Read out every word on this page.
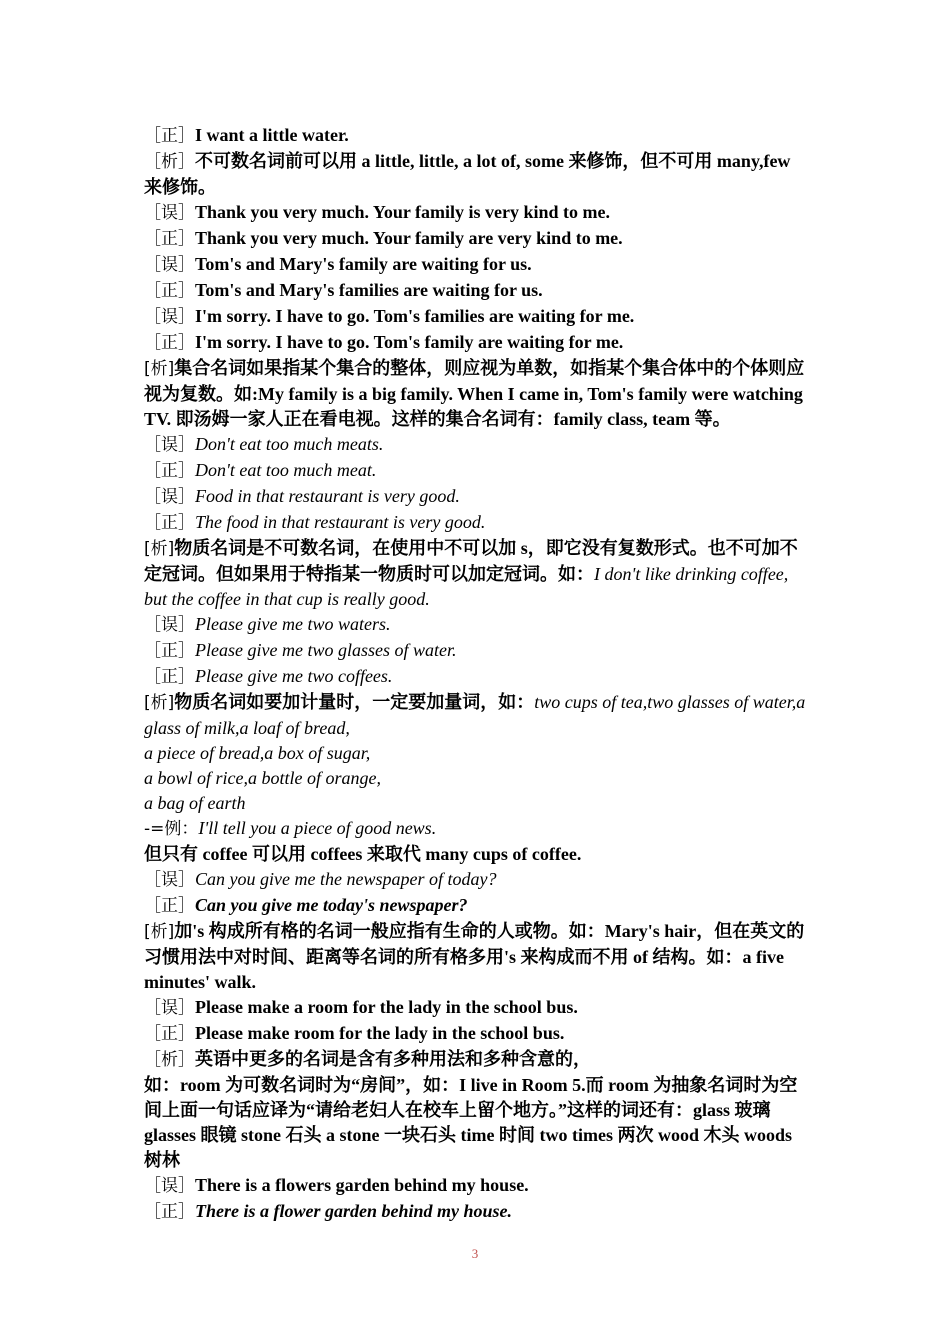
［正］I want a little water.
［析］不可数名词前可以用 a little, little, a lot of, some 来修饰，但不可用 many,few 来修饰。
［误］Thank you very much. Your family is very kind to me.
［正］Thank you very much. Your family are very kind to me.
［误］Tom's and Mary's family are waiting for us.
［正］Tom's and Mary's families are waiting for us.
［误］I'm sorry. I have to go. Tom's families are waiting for me.
［正］I'm sorry. I have to go. Tom's family are waiting for me.
[析]集合名词如果指某个集合的整体，则应视为单数，如指某个集合体中的个体则应视为复数。如:My family is a big family. When I came in, Tom's family were watching TV. 即汤姆一家人正在看电视。这样的集合名词有：family class, team 等。
［误］Don't eat too much meats.
［正］Don't eat too much meat.
［误］Food in that restaurant is very good.
［正］The food in that restaurant is very good.
[析]物质名词是不可数名词，在使用中不可以加 s，即它没有复数形式。也不可加不定冠词。但如果用于特指某一物质时可以加定冠词。如：I don't like drinking coffee, but the coffee in that cup is really good.
［误］Please give me two waters.
［正］Please give me two glasses of water.
［正］Please give me two coffees.
[析]物质名词如要加计量时，一定要加量词，如：two cups of tea,two glasses of water,a glass of milk,a loaf of bread,
a piece of bread,a box of sugar,
a bowl of rice,a bottle of orange,
a bag of earth
-=例：I'll tell you a piece of good news.
但只有 coffee 可以用 coffees 来取代 many cups of coffee.
［误］Can you give me the newspaper of today?
［正］Can you give me today's newspaper?
[析]加's 构成所有格的名词一般应指有生命的人或物。如：Mary's hair，但在英文的习惯用法中对时间、距离等名词的所有格多用's 来构成而不用 of 结构。如：a five minutes' walk.
［误］Please make a room for the lady in the school bus.
［正］Please make room for the lady in the school bus.
［析］英语中更多的名词是含有多种用法和多种含意的，
如：room 为可数名词时为“房间”，如：I live in Room 5.而 room 为抽象名词时为空间上面一句话应译为“请给老妇人在校车上留个地方。”这样的词还有：glass 玻璃 glasses 眼镜 stone 石头 a stone 一块石头 time 时间 two times 两次 wood 木头 woods 树林
［误］There is a flowers garden behind my house.
［正］There is a flower garden behind my house.
3
